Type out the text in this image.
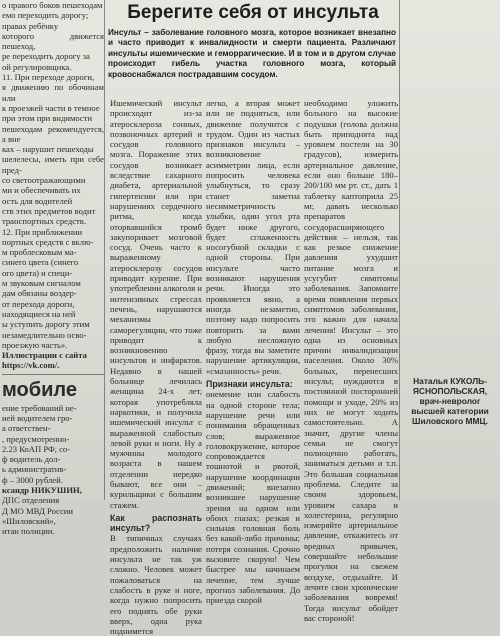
о правого боков пешеходам

емо переходить дорогу;

правах ребёнку

которого движется пешеход,

ре переходить дорогу за

ой регулировщика.

11. При переходе дороги,

я движению по обочинам или

к проезжей части в темное

при этом при видимости

пешеходам рекомендуется, а вне

ках – нарушит пешеходы

шелелесы, иметь при себе пред-

со светоотражающими

ми и обеспечивать их

ость для водителей

ств этих предметов водит

транспортных средств.

12. При приближении

портных средств с вклю-

м проблесковым ма-

синего цвета (синего

ого цвета) и специ-

м звуковым сигналом

дам обязаны воздер-

от перехода дороги,

находящиеся на ней

ы уступить дорогу этим

незамедлительно осво-

проезжую часть».

Иллюстрации с сайта

https://vk.com/.

мобиле

ение требований не-

ией водителем гро-

а ответствен-

, предусмотренно-

2.23 КоАП РФ, со-

ф водитель дол-

ь административ-

ф – 3000 рублей.

ксандр НИКУШИН,

ДПС отделения

Д МО МВД России

«Шиловский»,

итан полиции.

Берегите себя от инсульта
Инсульт – заболевание головного мозга, которое возникает внезапно и часто приводит к инвалидности и смерти пациента. Различают инсульты ишемические и геморрагические. И в том и в другом случае происходит гибель участка головного мозга, который кровоснабжался пострадавшим сосудом.

Ишемический инсульт происходит из-за атеросклероза сонных, позвоночных артерий и сосудов головного мозга. Поражение этих сосудов возникает вследствие сахарного диабета, артериальной гипертензии или при нарушениях сердечного ритма, когда оторвавшийся тромб закупоривает мозговой сосуд. Очень часто к выраженному атеросклерозу сосудов приводит курение. При употреблении алкоголя и интенсивных стрессах печень, нарушаются механизмы саморегуляции, что тоже приводит к возникновению инсультов и инфарктов. Недавно в нашей больнице лечилась женщина 24-х лет, которая употребляла наркотики, и получила ишемический инсульт с выраженной слабостью левой руки и ноги. Ну а мужчины молодого возраста в нашем отделении нередко бывают, все они – курильщики с большим стажем.

Как распознать инсульт?

В типичных случаях предположить наличие инсульта не так уж сложно. Человек может пожаловаться на слабость в руке и ноге, когда нужно попросить его поднять обе руки вверх, одна рука поднимется

легко, а вторая может или не подняться, или движение получится с трудом. Один из частых признаков инсульта – возникновение асимметрии лица, если попросить человека улыбнуться, то сразу станет заметна несимметричность улыбки, один угол рта будет ниже другого, будет сглаженность носогубной складки с одной стороны. При инсульте часто возникают нарушения речи. Иногда это проявляется явно, а иногда незаметно, поэтому надо попросить повторить за вами любую несложную фразу, тогда вы заметите нарушение артикуляции, «смазанность» речи.

Признаки инсульта:

онемение или слабость на одной стороне тела; нарушение речи или понимания обращенных слов; выраженное головокружение, которое сопровождается тошнотой и рвотой, нарушение координации движений; внезапно возникшее нарушение зрения на одном или обоих глазах; резкая и сильная головная боль без какой-либо причины; потеря сознания. Срочно вызовите скорую! Чем быстрее мы начинаем лечение, тем лучше прогноз заболевания. До приезда скорой

необходимо уложить больного на высокие подушки (голова должна быть приподнята над уровнем постели на 30 градусов), измерить артериальное давление, если оно больше 180–200/100 мм рт. ст., дать 1 таблетку каптоприла 25 мг, давать несколько препаратов сосудорасширяющего действия – нельзя, так как резкое снижение давления ухудшит питание мозга и усугубит симптомы заболевания. Запомните время появления первых симптомов заболевания, это важно для начала лечения! Инсульт – это одна из основных причин инвалидизации населения. Около 30% больных, перенесших инсульт, нуждаются в постоянной посторонней помощи и уходе, 20% из них не могут ходить самостоятельно. А значит, другие члены семьи не смогут полноценно работать, заниматься детьми и т.п. Это большая социальная проблема. Следите за своим здоровьем, уровнем сахара и холестерина, регулярно измеряйте артериальное давление, откажитесь от вредных привычек, совершайте небольшие прогулки на свежем воздухе, отдыхайте. И лечите свои хронические заболевания вовремя! Тогда инсульт обойдет вас стороной!

Наталья КУКОЛЬ-
ЯСНОПОЛЬСКАЯ,
врач-невролог
высшей категории
Шиловского ММЦ.
